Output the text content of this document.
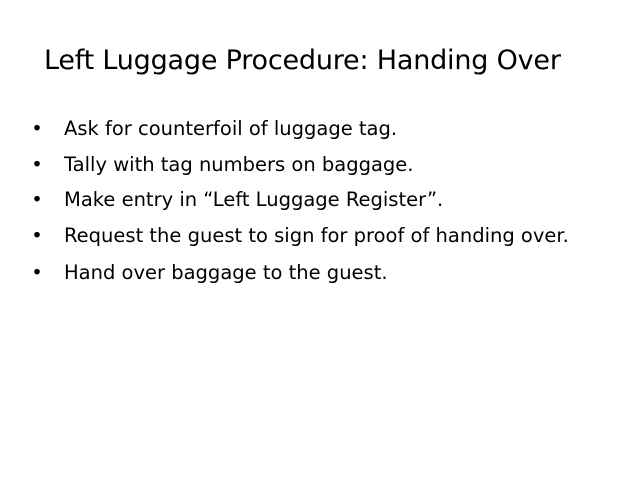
Left Luggage Procedure: Handing Over
• Ask for counterfoil of luggage tag.
• Tally with tag numbers on baggage.
• Make entry in “Left Luggage Register”.
• Request the guest to sign for proof of handing over.
• Hand over baggage to the guest.
